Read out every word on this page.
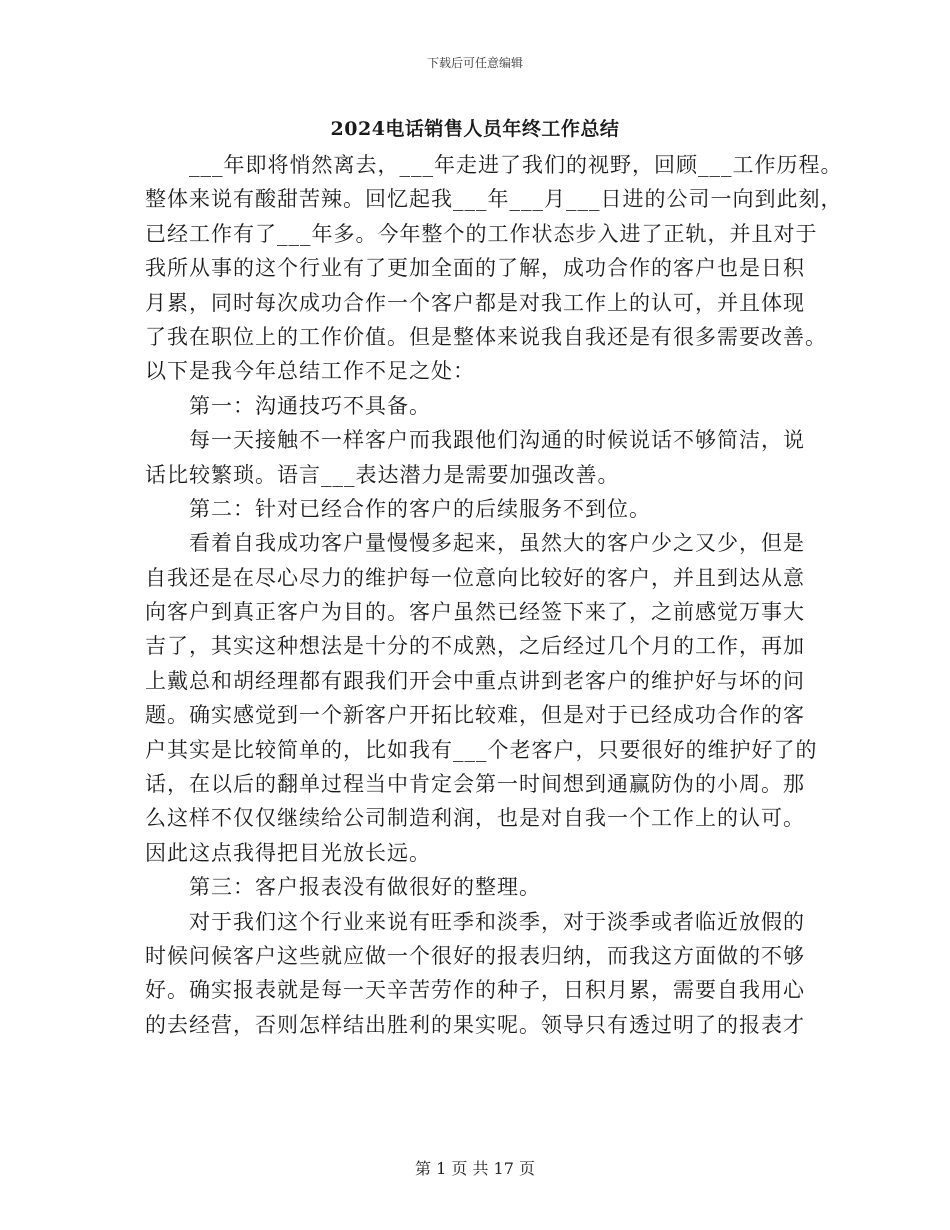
下载后可任意编辑
2024电话销售人员年终工作总结
___年即将悄然离去，___年走进了我们的视野，回顾___工作历程。
整体来说有酸甜苦辣。回忆起我___年___月___日进的公司一向到此刻，
已经工作有了___年多。今年整个的工作状态步入进了正轨，并且对于
我所从事的这个行业有了更加全面的了解，成功合作的客户也是日积
月累，同时每次成功合作一个客户都是对我工作上的认可，并且体现
了我在职位上的工作价值。但是整体来说我自我还是有很多需要改善。
以下是我今年总结工作不足之处：
第一：沟通技巧不具备。
每一天接触不一样客户而我跟他们沟通的时候说话不够简洁，说
话比较繁琐。语言___表达潜力是需要加强改善。
第二：针对已经合作的客户的后续服务不到位。
看着自我成功客户量慢慢多起来，虽然大的客户少之又少，但是
自我还是在尽心尽力的维护每一位意向比较好的客户，并且到达从意
向客户到真正客户为目的。客户虽然已经签下来了，之前感觉万事大
吉了，其实这种想法是十分的不成熟，之后经过几个月的工作，再加
上戴总和胡经理都有跟我们开会中重点讲到老客户的维护好与坏的问
题。确实感觉到一个新客户开拓比较难，但是对于已经成功合作的客
户其实是比较简单的，比如我有___个老客户，只要很好的维护好了的
话，在以后的翻单过程当中肯定会第一时间想到通赢防伪的小周。那
么这样不仅仅继续给公司制造利润，也是对自我一个工作上的认可。
因此这点我得把目光放长远。
第三：客户报表没有做很好的整理。
对于我们这个行业来说有旺季和淡季，对于淡季或者临近放假的
时候问候客户这些就应做一个很好的报表归纳，而我这方面做的不够
好。确实报表就是每一天辛苦劳作的种子，日积月累，需要自我用心
的去经营，否则怎样结出胜利的果实呢。领导只有透过明了的报表才
第 1 页 共 17 页
